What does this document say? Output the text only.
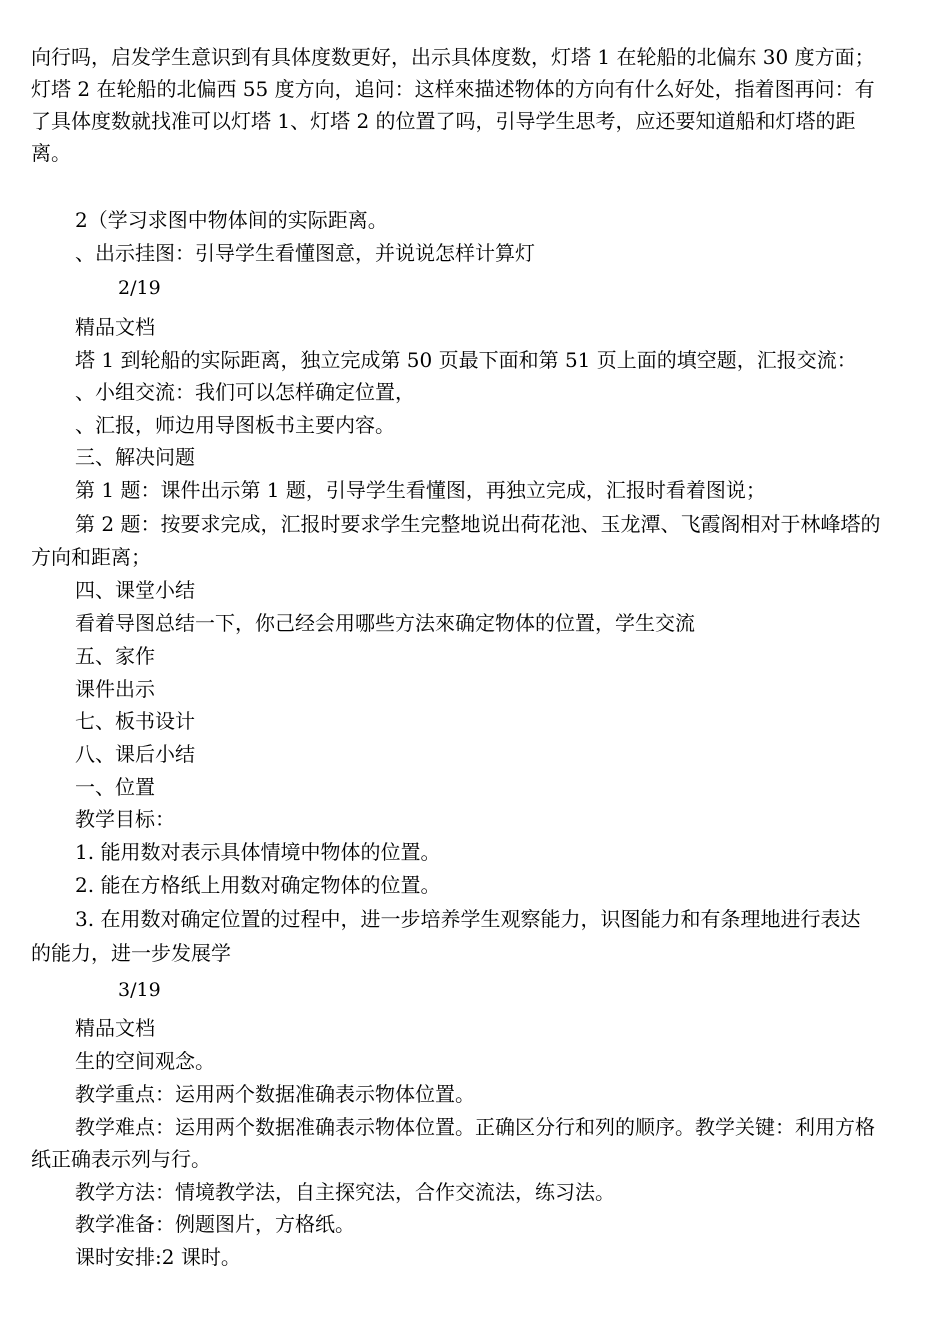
向行吗，启发学生意识到有具体度数更好，出示具体度数，灯塔 1 在轮船的北偏东 30 度方面；
灯塔 2 在轮船的北偏西 55 度方向，追问：这样來描述物体的方向有什么好处，指着图再问：有
了具体度数就找准可以灯塔 1、灯塔 2 的位置了吗，引导学生思考，应还要知道船和灯塔的距
离。
2（学习求图中物体间的实际距离。
、出示挂图：引导学生看懂图意，并说说怎样计算灯
2/19
精品文档
塔 1 到轮船的实际距离，独立完成第 50 页最下面和第 51 页上面的填空题，汇报交流：
、小组交流：我们可以怎样确定位置，
、汇报，师边用导图板书主要内容。
三、解决问题
第 1 题：课件出示第 1 题，引导学生看懂图，再独立完成，汇报时看着图说；
第 2 题：按要求完成，汇报时要求学生完整地说出荷花池、玉龙潭、飞霞阁相对于林峰塔的
方向和距离；
四、课堂小结
看着导图总结一下，你己经会用哪些方法來确定物体的位置，学生交流
五、家作
课件出示
七、板书设计
八、课后小结
一、位置
教学目标：
1. 能用数对表示具体情境中物体的位置。
2. 能在方格纸上用数对确定物体的位置。
3. 在用数对确定位置的过程中，进一步培养学生观察能力，识图能力和有条理地进行表达
的能力，进一步发展学
3/19
精品文档
生的空间观念。
教学重点：运用两个数据准确表示物体位置。
教学难点：运用两个数据准确表示物体位置。正确区分行和列的顺序。教学关键：利用方格
纸正确表示列与行。
教学方法：情境教学法，自主探究法，合作交流法，练习法。
教学准备：例题图片，方格纸。
课时安排:2 课时。
